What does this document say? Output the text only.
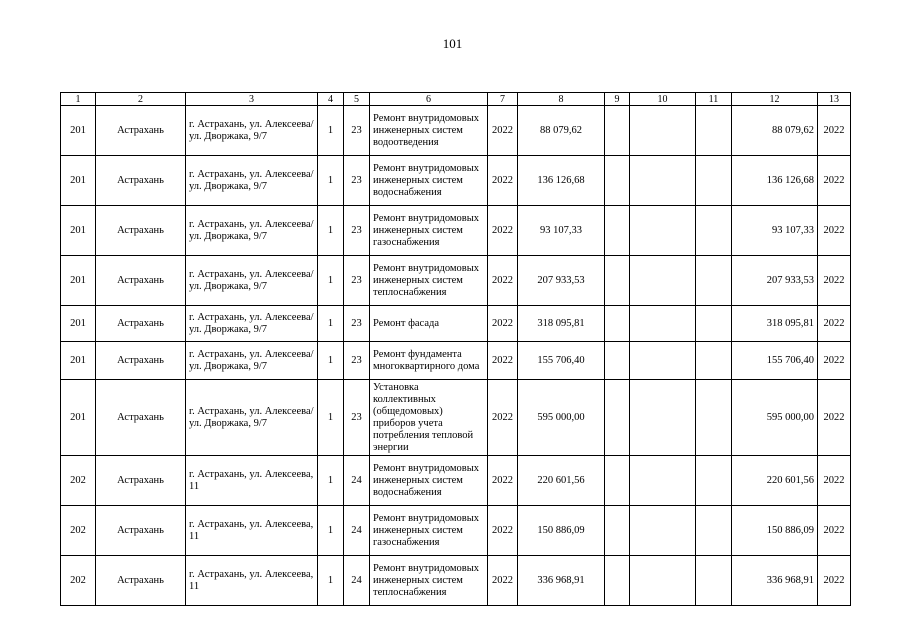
101
1	2	3	4	5	6	7	8	9	10	11	12	13
201	Астрахань	г. Астрахань, ул. Алексеева/ ул. Дворжака, 9/7	1	23	Ремонт внутридомовых инженерных систем водоотведения	2022	88 079,62				88 079,62	2022
201	Астрахань	г. Астрахань, ул. Алексеева/ ул. Дворжака, 9/7	1	23	Ремонт внутридомовых инженерных систем водоснабжения	2022	136 126,68				136 126,68	2022
201	Астрахань	г. Астрахань, ул. Алексеева/ ул. Дворжака, 9/7	1	23	Ремонт внутридомовых инженерных систем газоснабжения	2022	93 107,33				93 107,33	2022
201	Астрахань	г. Астрахань, ул. Алексеева/ ул. Дворжака, 9/7	1	23	Ремонт внутридомовых инженерных систем теплоснабжения	2022	207 933,53				207 933,53	2022
201	Астрахань	г. Астрахань, ул. Алексеева/ ул. Дворжака, 9/7	1	23	Ремонт фасада	2022	318 095,81				318 095,81	2022
201	Астрахань	г. Астрахань, ул. Алексеева/ ул. Дворжака, 9/7	1	23	Ремонт фундамента многоквартирного дома	2022	155 706,40				155 706,40	2022
201	Астрахань	г. Астрахань, ул. Алексеева/ ул. Дворжака, 9/7	1	23	Установка коллективных (общедомовых) приборов учета потребления тепловой энергии	2022	595 000,00				595 000,00	2022
202	Астрахань	г. Астрахань, ул. Алексеева, 11	1	24	Ремонт внутридомовых инженерных систем водоснабжения	2022	220 601,56				220 601,56	2022
202	Астрахань	г. Астрахань, ул. Алексеева, 11	1	24	Ремонт внутридомовых инженерных систем газоснабжения	2022	150 886,09				150 886,09	2022
202	Астрахань	г. Астрахань, ул. Алексеева, 11	1	24	Ремонт внутридомовых инженерных систем теплоснабжения	2022	336 968,91				336 968,91	2022
